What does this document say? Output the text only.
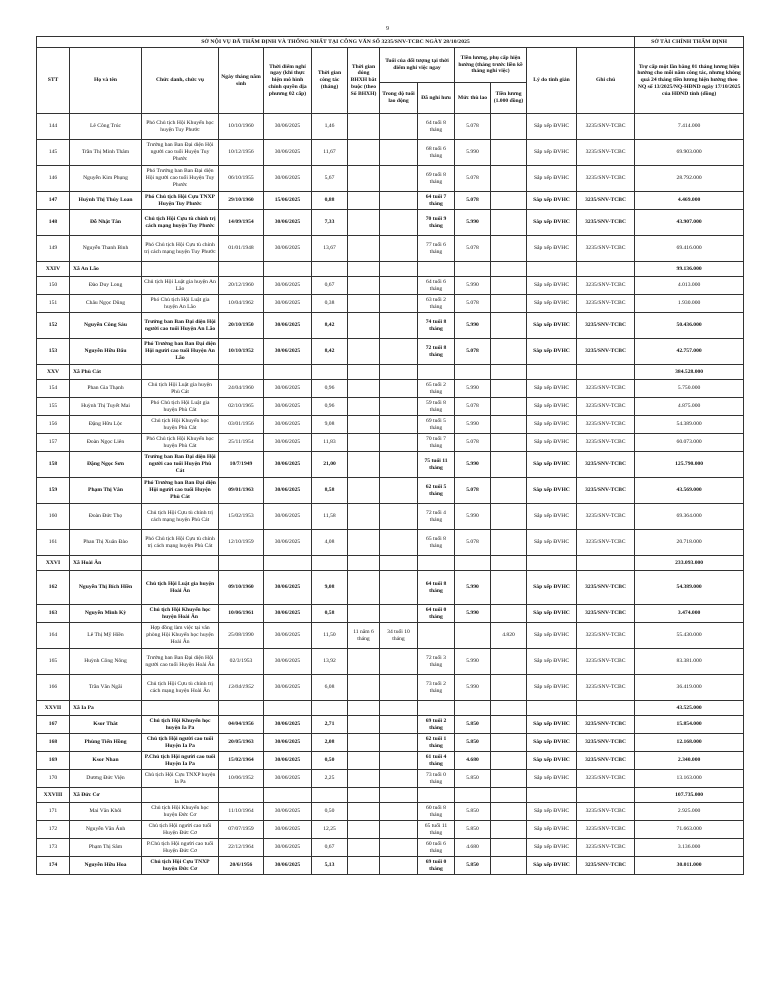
9
SỞ NỘI VỤ ĐÃ THẨM ĐỊNH VÀ THỐNG NHẤT TẠI CÔNG VĂN SỐ 3235/SNV-TCBC NGÀY 28/10/2025													SỞ TÀI CHÍNH THẨM ĐỊNH
STT	Họ và tên	Chức danh, chức vụ	Ngày tháng năm sinh	Thời điểm nghỉ ngay (khi thực hiện mô hình chính quyền địa phương 02 cấp)	Thời gian công tác (tháng)	Thời gian đóng BHXH bắt buộc (theo Sổ BHXH)	Tuổi của đối tượng tại thời điểm nghỉ việc ngay		Tiền lương, phụ cấp hiện hưởng (tháng trước liền kề tháng nghỉ việc)		Lý do tinh giản	Ghi chú	Trợ cấp một lần bằng 01 tháng lương hiện hưởng cho mỗi năm công tác, nhưng không quá 24 tháng tiền lương hiện hưởng theo NQ số 13/2025/NQ-HĐND ngày 17/10/2025 của HĐND tỉnh (đồng)
							Trong độ tuổi lao động	Đã nghỉ hưu	Mức thù lao	Tiền lương (1.000 đồng)			
144	Lê Công Trúc	Phó Chủ tịch Hội Khuyến học huyện Tuy Phước	10/10/1960	30/06/2025	1,46			64 tuổi 8 tháng	5.078		Sắp xếp ĐVHC	3235/SNV-TCBC	7.414.000
145	Trần Thị Minh Thâm	Trưởng ban Ban Đại diện Hội người cao tuổi Huyện Tuy Phước	10/12/1956	30/06/2025	11,67			68 tuổi 6 tháng	5.990		Sắp xếp ĐVHC	3235/SNV-TCBC	69.903.000
146	Nguyễn Kim Phụng	Phó Trưởng ban Ban Đại diện Hội người cao tuổi Huyện Tuy Phước	06/10/1955	30/06/2025	5,67			69 tuổi 8 tháng	5.078		Sắp xếp ĐVHC	3235/SNV-TCBC	28.792.000
147	Huỳnh Thị Thúy Loan	Phó Chủ tịch Hội Cựu TNXP Huyện Tuy Phước	29/10/1960	15/06/2025	0,88			64 tuổi 7 tháng	5.078		Sắp xếp ĐVHC	3235/SNV-TCBC	4.469.000
148	Đỗ Nhật Tân	Chủ tịch Hội Cựu tù chính trị cách mạng huyện Tuy Phước	14/09/1954	30/06/2025	7,33			70 tuổi 9 tháng	5.990		Sắp xếp ĐVHC	3235/SNV-TCBC	43.907.000
149	Nguyễn Thanh Bình	Phó Chủ tịch Hội Cựu tù chính trị cách mạng huyện Tuy Phước	01/01/1948	30/06/2025	13,67			77 tuổi 6 tháng	5.078		Sắp xếp ĐVHC	3235/SNV-TCBC	69.416.000
XXIV	Xã An Lão												99.136.000
150	Đào Duy Long	Chủ tịch Hội Luật gia huyện An Lão	20/12/1960	30/06/2025	0,67			64 tuổi 6 tháng	5.990		Sắp xếp ĐVHC	3235/SNV-TCBC	4.013.000
151	Châu Ngọc Dũng	Phó Chủ tịch Hội Luật gia huyện An Lão	10/04/1962	30/06/2025	0,38			63 tuổi 2 tháng	5.078		Sắp xếp ĐVHC	3235/SNV-TCBC	1.930.000
152	Nguyễn Công Sáu	Trưởng ban Ban Đại diện Hội người cao tuổi Huyện An Lão	20/10/1950	30/06/2025	8,42			74 tuổi 8 tháng	5.990		Sắp xếp ĐVHC	3235/SNV-TCBC	50.436.000
153	Nguyễn Hữu Đẩu	Phó Trưởng ban Ban Đại diện Hội người cao tuổi Huyện An Lão	10/10/1952	30/06/2025	8,42			72 tuổi 8 tháng	5.078		Sắp xếp ĐVHC	3235/SNV-TCBC	42.757.000
XXV	Xã Phù Cát												384.528.000
154	Phan Gia Thạnh	Chủ tịch Hội Luật gia huyện Phù Cát	24/04/1960	30/06/2025	0,96			65 tuổi 2 tháng	5.990		Sắp xếp ĐVHC	3235/SNV-TCBC	5.750.000
155	Huỳnh Thị Tuyết Mai	Phó Chủ tịch Hội Luật gia huyện Phù Cát	02/10/1965	30/06/2025	0,96			59 tuổi 8 tháng	5.078		Sắp xếp ĐVHC	3235/SNV-TCBC	4.875.000
156	Đặng Hữu Lộc	Chủ tịch Hội Khuyến học huyện Phù Cát	03/01/1956	30/06/2025	9,08			69 tuổi 5 tháng	5.990		Sắp xếp ĐVHC	3235/SNV-TCBC	54.389.000
157	Đoàn Ngọc Liên	Phó Chủ tịch Hội Khuyến học huyện Phù Cát	25/11/1954	30/06/2025	11,83			70 tuổi 7 tháng	5.078		Sắp xếp ĐVHC	3235/SNV-TCBC	60.073.000
158	Đặng Ngọc Sơn	Trưởng ban Ban Đại diện Hội người cao tuổi Huyện Phù Cát	10/7/1949	30/06/2025	21,00			75 tuổi 11 tháng	5.990		Sắp xếp ĐVHC	3235/SNV-TCBC	125.790.000
159	Phạm Thị Vân	Phó Trưởng ban Ban Đại diện Hội người cao tuổi Huyện Phù Cát	09/01/1963	30/06/2025	8,58			62 tuổi 5 tháng	5.078		Sắp xếp ĐVHC	3235/SNV-TCBC	43.569.000
160	Đoàn Đức Thọ	Chủ tịch Hội Cựu tù chính trị cách mạng huyện Phù Cát	15/02/1953	30/06/2025	11,58			72 tuổi 4 tháng	5.990		Sắp xếp ĐVHC	3235/SNV-TCBC	69.364.000
161	Phan Thị Xuân Đào	Phó Chủ tịch Hội Cựu tù chính trị cách mạng huyện Phù Cát	12/10/1959	30/06/2025	4,08			65 tuổi 8 tháng	5.078		Sắp xếp ĐVHC	3235/SNV-TCBC	20.718.000
XXVI	Xã Hoài Ân												233.093.000
162	Nguyễn Thị Bích Hiền	Chủ tịch Hội Luật gia huyện Hoài Ân	09/10/1960	30/06/2025	9,08			64 tuổi 8 tháng	5.990		Sắp xếp ĐVHC	3235/SNV-TCBC	54.389.000
163	Nguyễn Minh Kỳ	Chủ tịch Hội Khuyến học huyện Hoài Ân	10/06/1961	30/06/2025	0,58			64 tuổi 0 tháng	5.990		Sắp xếp ĐVHC	3235/SNV-TCBC	3.474.000
164	Lê Thị Mỹ Hiền	Hợp đồng làm việc tại văn phòng Hội Khuyến học huyện Hoài Ân	25/08/1990	30/06/2025	11,50	11 năm 6 tháng	34 tuổi 10 tháng			4.820	Sắp xếp ĐVHC	3235/SNV-TCBC	55.430.000
165	Huỳnh Công Nông	Trưởng ban Ban Đại diện Hội người cao tuổi Huyện Hoài Ân	02/3/1953	30/06/2025	13,92			72 tuổi 3 tháng	5.990		Sắp xếp ĐVHC	3235/SNV-TCBC	83.381.000
166	Trần Văn Ngãi	Chủ tịch Hội Cựu tù chính trị cách mạng huyện Hoài Ân	13/04/1952	30/06/2025	6,08			73 tuổi 2 tháng	5.990		Sắp xếp ĐVHC	3235/SNV-TCBC	36.419.000
XXVII	Xã Ia Pa												43.525.000
167	Ksor Thắt	Chủ tịch Hội Khuyến học huyện Ia Pa	04/04/1956	30/06/2025	2,71			69 tuổi 2 tháng	5.850		Sắp xếp ĐVHC	3235/SNV-TCBC	15.854.000
168	Phùng Tiến Hồng	Chủ tịch Hội người cao tuổi Huyện Ia Pa	20/05/1963	30/06/2025	2,08			62 tuổi 1 tháng	5.850		Sắp xếp ĐVHC	3235/SNV-TCBC	12.168.000
169	Ksor Nhan	P.Chủ tịch Hội người cao tuổi Huyện Ia Pa	15/02/1964	30/06/2025	0,50			61 tuổi 4 tháng	4.680		Sắp xếp ĐVHC	3235/SNV-TCBC	2.340.000
170	Dương Đức Viện	Chủ tịch Hội Cựu TNXP huyện Ia Pa	10/06/1952	30/06/2025	2,25			73 tuổi 0 tháng	5.850		Sắp xếp ĐVHC	3235/SNV-TCBC	13.163.000
XXVIII	Xã Đức Cơ												107.735.000
171	Mai Văn Khôi	Chủ tịch Hội Khuyến học huyện Đức Cơ	11/10/1964	30/06/2025	0,50			60 tuổi 8 tháng	5.850		Sắp xếp ĐVHC	3235/SNV-TCBC	2.925.000
172	Nguyễn Văn Ánh	Chủ tịch Hội người cao tuổi Huyện Đức Cơ	07/07/1959	30/06/2025	12,25			65 tuổi 11 tháng	5.850		Sắp xếp ĐVHC	3235/SNV-TCBC	71.663.000
173	Phạm Thị Sâm	P.Chủ tịch Hội người cao tuổi Huyện Đức Cơ	22/12/1964	30/06/2025	0,67			60 tuổi 6 tháng	4.680		Sắp xếp ĐVHC	3235/SNV-TCBC	3.136.000
174	Nguyễn Hữu Hoa	Chủ tịch Hội Cựu TNXP huyện Đức Cơ	20/6/1956	30/06/2025	5,13			69 tuổi 0 tháng	5.850		Sắp xếp ĐVHC	3235/SNV-TCBC	30.011.000
